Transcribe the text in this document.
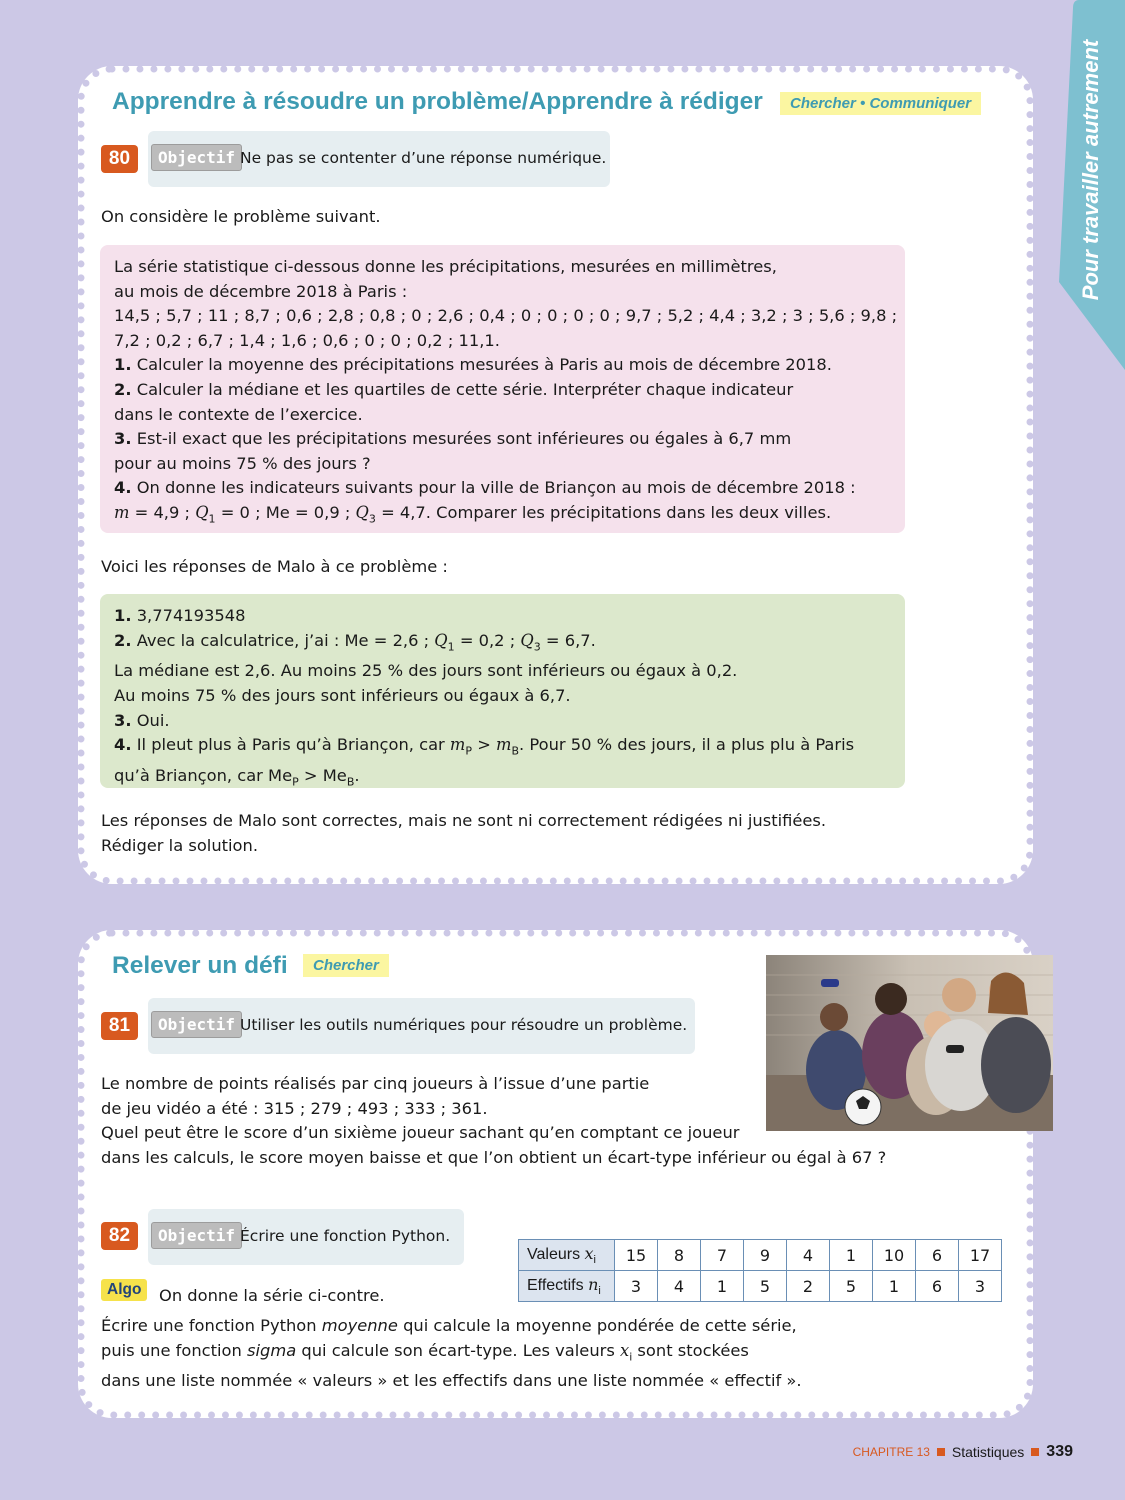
Pour travailler autrement
Apprendre à résoudre un problème/Apprendre à rédiger	Chercher • Communiquer
80	Objectif Ne pas se contenter d’une réponse numérique.

On considère le problème suivant.

La série statistique ci-dessous donne les précipitations, mesurées en millimètres,

au mois de décembre 2018 à Paris :

14,5 ; 5,7 ; 11 ; 8,7 ; 0,6 ; 2,8 ; 0,8 ; 0 ; 2,6 ; 0,4 ; 0 ; 0 ; 0 ; 0 ; 9,7 ; 5,2 ; 4,4 ; 3,2 ; 3 ; 5,6 ; 9,8 ;

7,2 ; 0,2 ; 6,7 ; 1,4 ; 1,6 ; 0,6 ; 0 ; 0 ; 0,2 ; 11,1.

1. Calculer la moyenne des précipitations mesurées à Paris au mois de décembre 2018.

2. Calculer la médiane et les quartiles de cette série. Interpréter chaque indicateur

dans le contexte de l’exercice.

3. Est-il exact que les précipitations mesurées sont inférieures ou égales à 6,7 mm

pour au moins 75 % des jours ?

4. On donne les indicateurs suivants pour la ville de Briançon au mois de décembre 2018 :

m = 4,9 ; $Q_1 = 0$ ; Me = 0,9 ; $Q_3 = 4,7$. Comparer les précipitations dans les deux villes.

Voici les réponses de Malo à ce problème :

1. 3,774193548

2. Avec la calculatrice, j’ai : Me = 2,6 ; $Q_1 = 0,2$ ; $Q_3 = 6,7$.

La médiane est 2,6. Au moins 25 % des jours sont inférieurs ou égaux à 0,2.

Au moins 75 % des jours sont inférieurs ou égaux à 6,7.

3. Oui.

4. Il pleut plus à Paris qu’à Briançon, car $m_P > m_B$. Pour 50 % des jours, il a plus plu à Paris

qu’à Briançon, car $Me_P > Me_B$.

Les réponses de Malo sont correctes, mais ne sont ni correctement rédigées ni justifiées.

Rédiger la solution.

Relever un défi	Chercher
81	Objectif Utiliser les outils numériques pour résoudre un problème.

Le nombre de points réalisés par cinq joueurs à l’issue d’une partie

de jeu vidéo a été : 315 ; 279 ; 493 ; 333 ; 361.

Quel peut être le score d’un sixième joueur sachant qu’en comptant ce joueur

dans les calculs, le score moyen baisse et que l’on obtient un écart-type inférieur ou égal à 67 ?

82	Objectif Écrire une fonction Python.
Algo	On donne la série ci-contre.

Valeurs $x_i$	15	8	7	9	4	1	10	6	17
Effectifs $n_i$	3	4	1	5	2	5	1	6	3

Écrire une fonction Python moyenne qui calcule la moyenne pondérée de cette série,

puis une fonction sigma qui calcule son écart-type. Les valeurs $x_i$ sont stockées

dans une liste nommée « valeurs » et les effectifs dans une liste nommée « effectif ».

CHAPITRE 13 Statistiques 339
